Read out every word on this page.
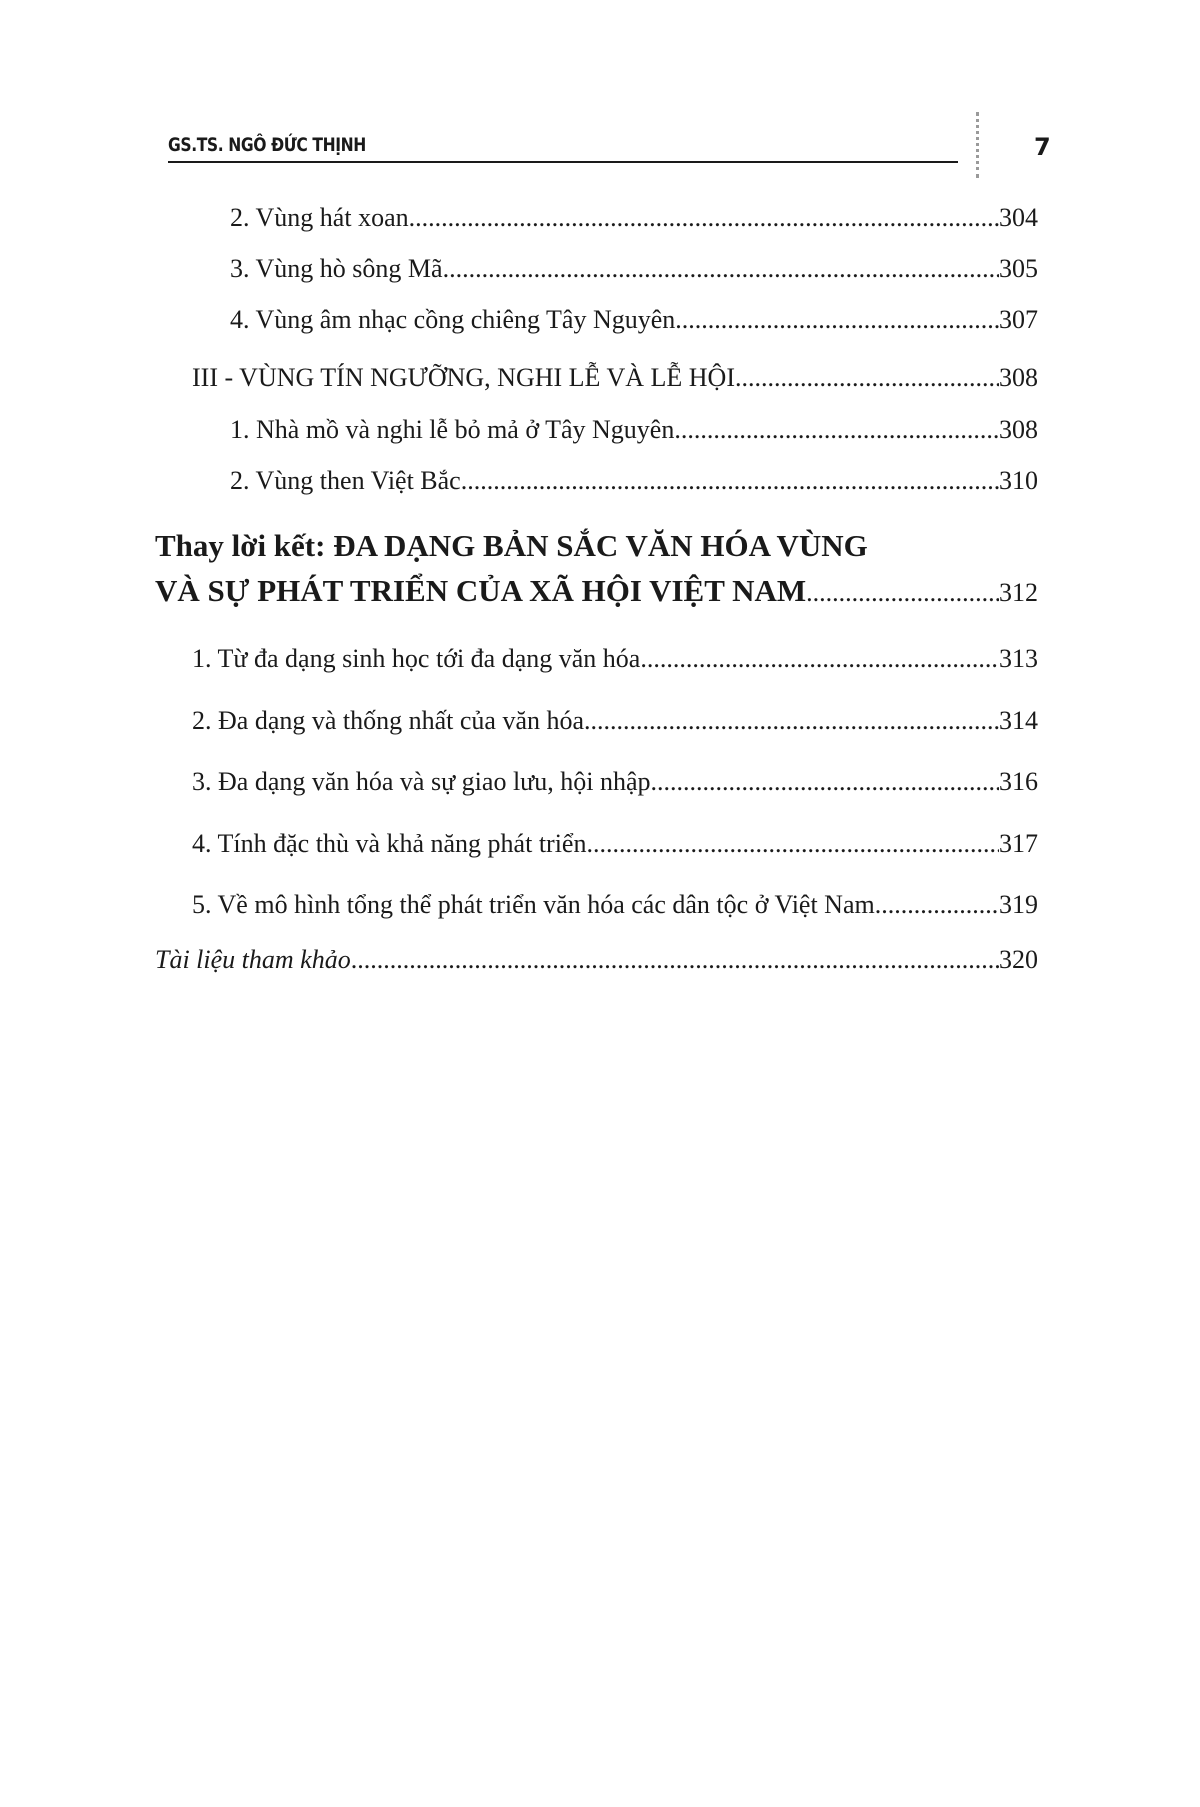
GS.TS. NGÔ ĐỨC THỊNH	7
2. Vùng hát xoan .....	304
3. Vùng hò sông Mã .....	305
4. Vùng âm nhạc cồng chiêng Tây Nguyên .....	307
III - VÙNG TÍN NGƯỠNG, NGHI LỄ VÀ LỄ HỘI .....	308
1. Nhà mồ và nghi lễ bỏ mả ở Tây Nguyên .....	308
2. Vùng then Việt Bắc .....	310
Thay lời kết: ĐA DẠNG BẢN SẮC VĂN HÓA VÙNG
VÀ SỰ PHÁT TRIỂN CỦA XÃ HỘI VIỆT NAM .....	312
1. Từ đa dạng sinh học tới đa dạng văn hóa .....	313
2. Đa dạng và thống nhất của văn hóa .....	314
3. Đa dạng văn hóa và sự giao lưu, hội nhập .....	316
4. Tính đặc thù và khả năng phát triển .....	317
5. Về mô hình tổng thể phát triển văn hóa các dân tộc ở Việt Nam .....	319
Tài liệu tham khảo .....	320
